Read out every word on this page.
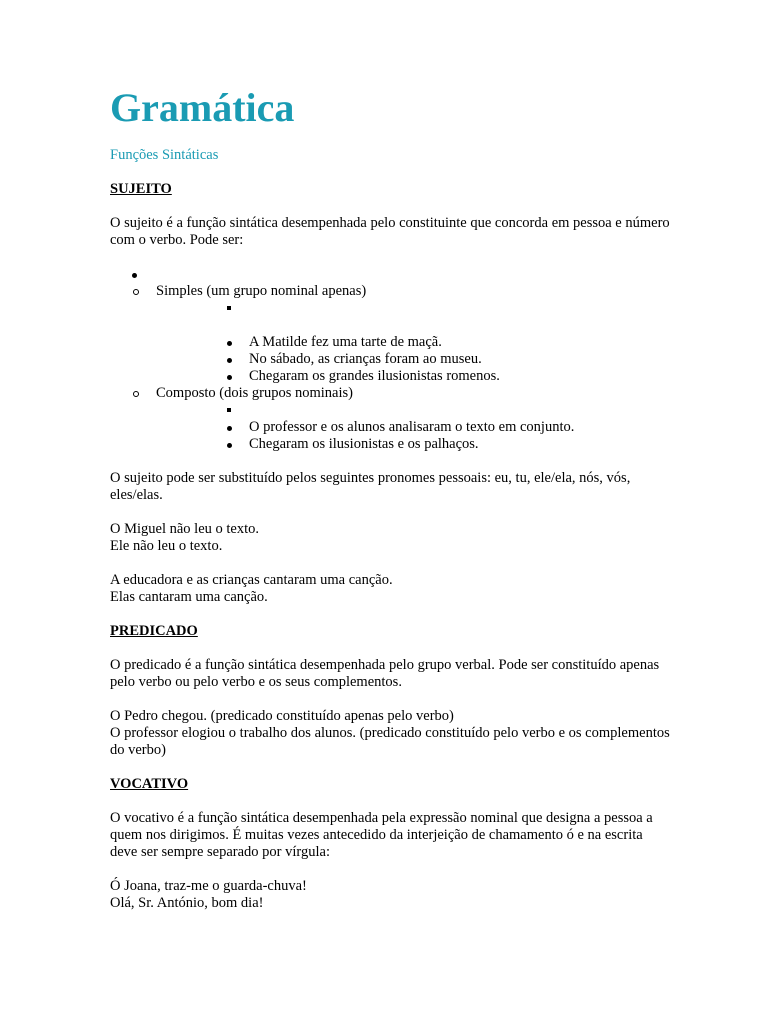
Gramática

Funções Sintáticas

SUJEITO

O sujeito é a função sintática desempenhada pelo constituinte que concorda em pessoa e número com o verbo. Pode ser:

Simples (um grupo nominal apenas)
A Matilde fez uma tarte de maçã.
No sábado, as crianças foram ao museu.
Chegaram os grandes ilusionistas romenos.
Composto (dois grupos nominais)
O professor e os alunos analisaram o texto em conjunto.
Chegaram os ilusionistas e os palhaços.

O sujeito pode ser substituído pelos seguintes pronomes pessoais: eu, tu, ele/ela, nós, vós, eles/elas.

O Miguel não leu o texto.

Ele não leu o texto.

A educadora e as crianças cantaram uma canção.

Elas cantaram uma canção.

PREDICADO

O predicado é a função sintática desempenhada pelo grupo verbal. Pode ser constituído apenas pelo verbo ou pelo verbo e os seus complementos.

O Pedro chegou. (predicado constituído apenas pelo verbo)

O professor elogiou o trabalho dos alunos. (predicado constituído pelo verbo e os complementos do verbo)

VOCATIVO

O vocativo é a função sintática desempenhada pela expressão nominal que designa a pessoa a quem nos dirigimos. É muitas vezes antecedido da interjeição de chamamento ó e na escrita deve ser sempre separado por vírgula:

Ó Joana, traz-me o guarda-chuva!

Olá, Sr. António, bom dia!
